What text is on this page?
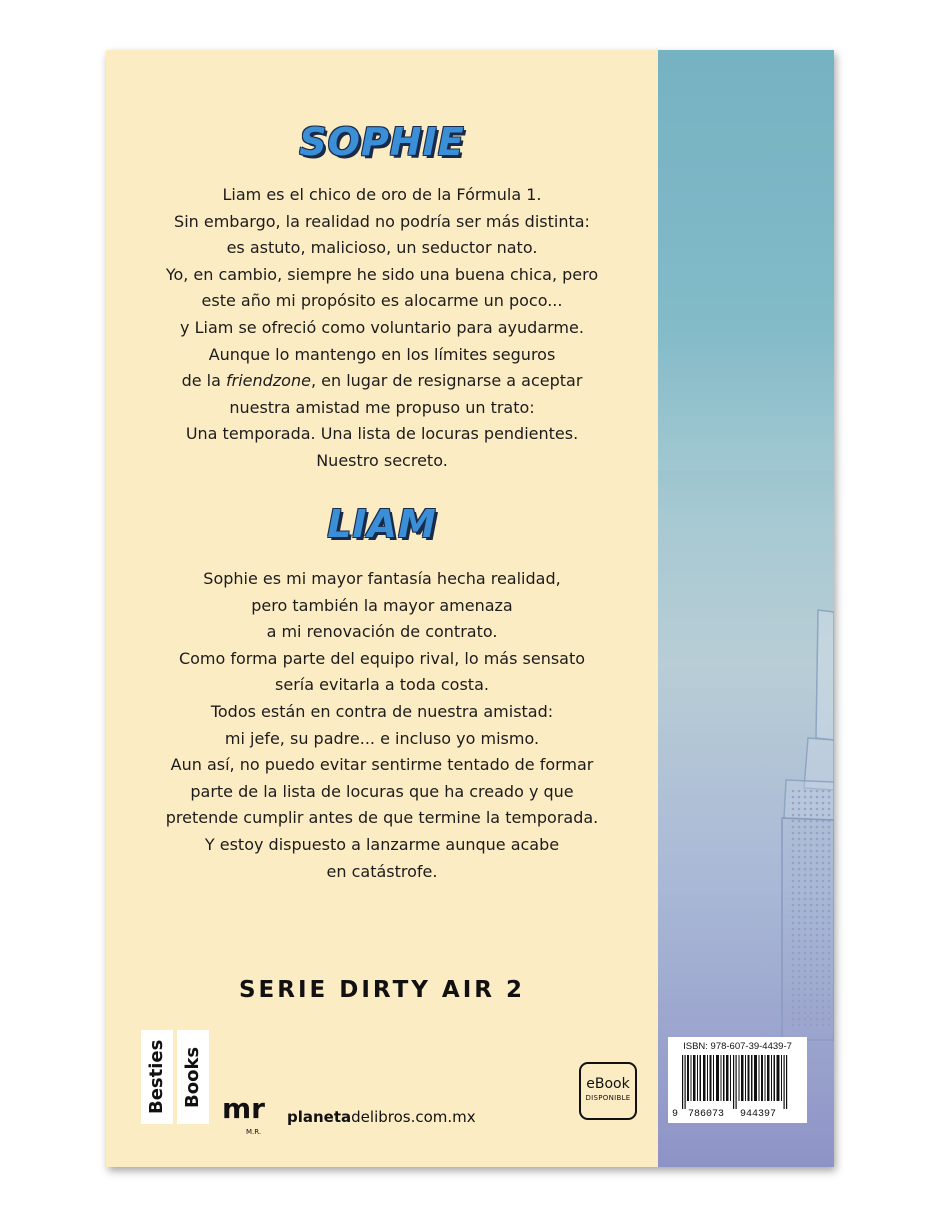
SOPHIE
Liam es el chico de oro de la Fórmula 1.
Sin embargo, la realidad no podría ser más distinta:
es astuto, malicioso, un seductor nato.
Yo, en cambio, siempre he sido una buena chica, pero
este año mi propósito es alocarme un poco...
y Liam se ofreció como voluntario para ayudarme.
Aunque lo mantengo en los límites seguros
de la friendzone, en lugar de resignarse a aceptar
nuestra amistad me propuso un trato:
Una temporada. Una lista de locuras pendientes.
Nuestro secreto.
LIAM
Sophie es mi mayor fantasía hecha realidad,
pero también la mayor amenaza
a mi renovación de contrato.
Como forma parte del equipo rival, lo más sensato
sería evitarla a toda costa.
Todos están en contra de nuestra amistad:
mi jefe, su padre... e incluso yo mismo.
Aun así, no puedo evitar sentirme tentado de formar
parte de la lista de locuras que ha creado y que
pretende cumplir antes de que termine la temporada.
Y estoy dispuesto a lanzarme aunque acabe
en catástrofe.
SERIE DIRTY AIR 2
Besties Books
mr
M.R.
planetadelibros.com.mx
eBook
DISPONIBLE
ISBN: 978-607-39-4439-7
9 786073 944397
